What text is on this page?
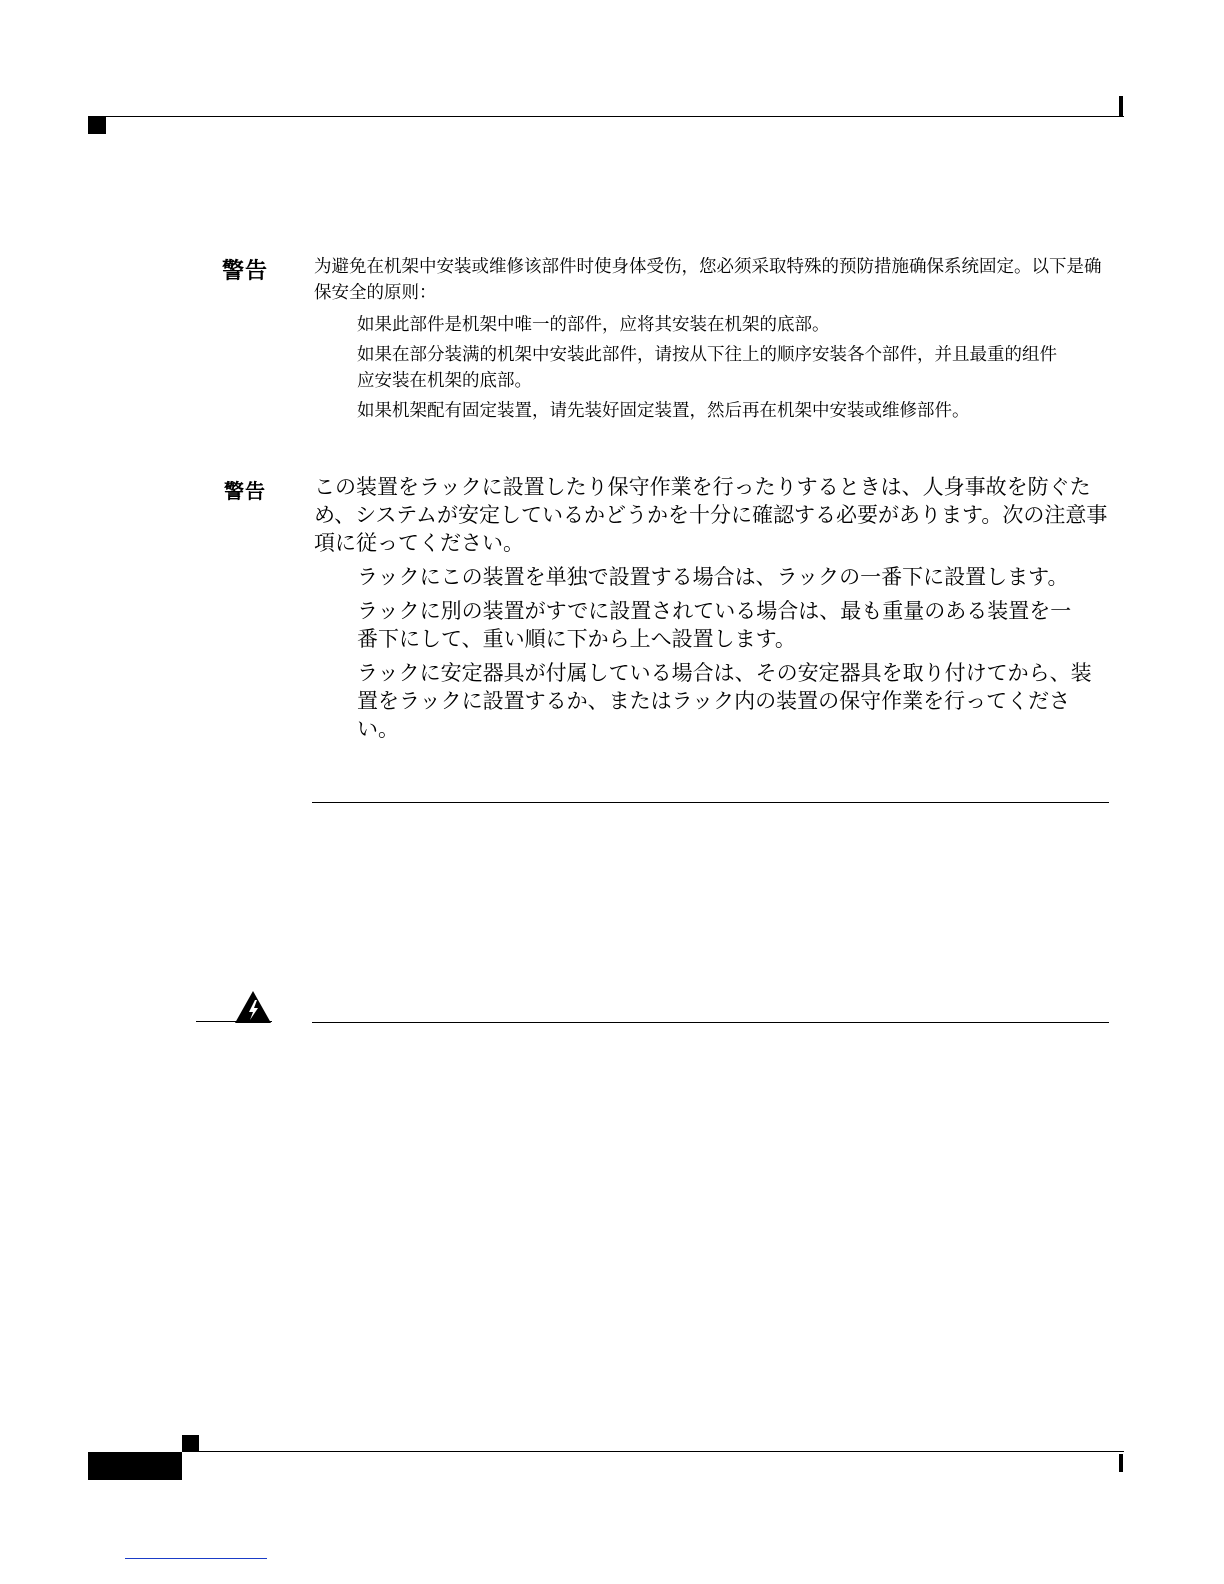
警告	为避免在机架中安装或维修该部件时使身体受伤，您必须采取特殊的预防措施确保系统固定。以下是确保安全的原则：
如果此部件是机架中唯一的部件，应将其安装在机架的底部。
如果在部分装满的机架中安装此部件，请按从下往上的顺序安装各个部件，并且最重的组件应安装在机架的底部。
如果机架配有固定装置，请先装好固定装置，然后再在机架中安装或维修部件。
警告 この装置をラックに設置したり保守作業を行ったりするときは、人身事故を防ぐため、システムが安定しているかどうかを十分に確認する必要があります。次の注意事項に従ってください。
ラックにこの装置を単独で設置する場合は、ラックの一番下に設置します。
ラックに別の装置がすでに設置されている場合は、最も重量のある装置を一番下にして、重い順に下から上へ設置します。
ラックに安定器具が付属している場合は、その安定器具を取り付けてから、装置をラックに設置するか、またはラック内の装置の保守作業を行ってください。
